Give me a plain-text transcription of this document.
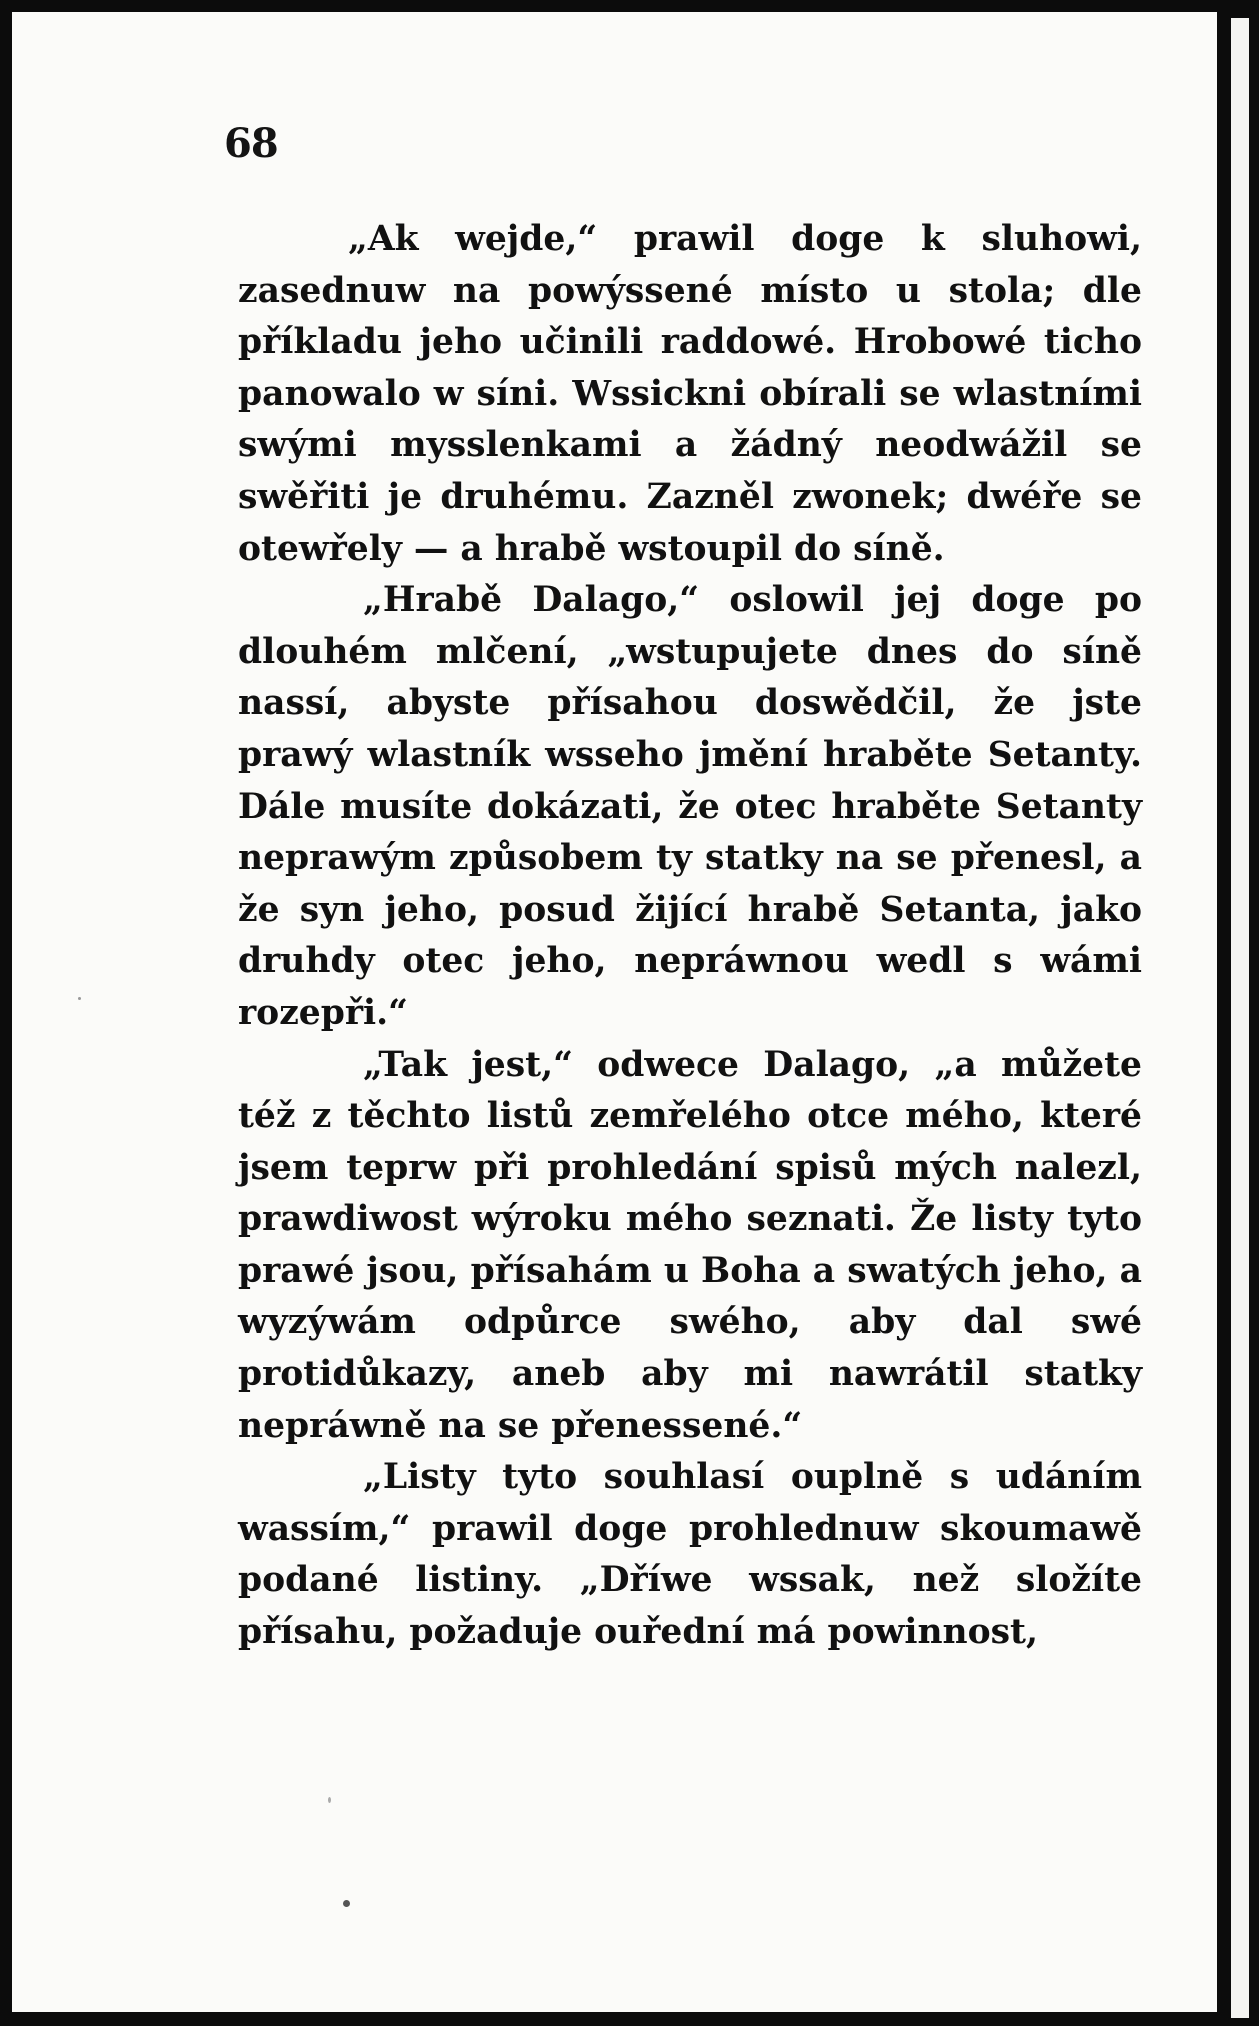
68

„Ak wejde,“ prawil doge k sluhowi, zasednuw na powýssené místo u stola; dle příkladu jeho učinili raddowé. Hrobowé ticho panowalo w síni. Wssickni obírali se wlastními swými mysslenkami a žádný neodwážil se swěřiti je druhému. Zazněl zwonek; dwéře se otewřely — a hrabě wstoupil do síně.

„Hrabě Dalago,“ oslowil jej doge po dlouhém mlčení, „wstupujete dnes do síně nassí, abyste přísahou doswědčil, že jste prawý wlastník wsseho jmění hraběte Setanty. Dále musíte dokázati, že otec hraběte Setanty neprawým způsobem ty statky na se přenesl, a že syn jeho, posud žijící hrabě Setanta, jako druhdy otec jeho, nepráwnou wedl s wámi rozepři.“

„Tak jest,“ odwece Dalago, „a můžete též z těchto listů zemřelého otce mého, které jsem teprw při prohledání spisů mých nalezl, prawdiwost wýroku mého seznati. Že listy tyto prawé jsou, přísahám u Boha a swatých jeho, a wyzýwám odpůrce swého, aby dal swé protidůkazy, aneb aby mi nawrátil statky nepráwně na se přenessené.“

„Listy tyto souhlasí ouplně s udáním wassím,“ prawil doge prohlednuw skoumawě podané listiny. „Dříwe wssak, než složíte přísahu, požaduje ouřední má powinnost,
